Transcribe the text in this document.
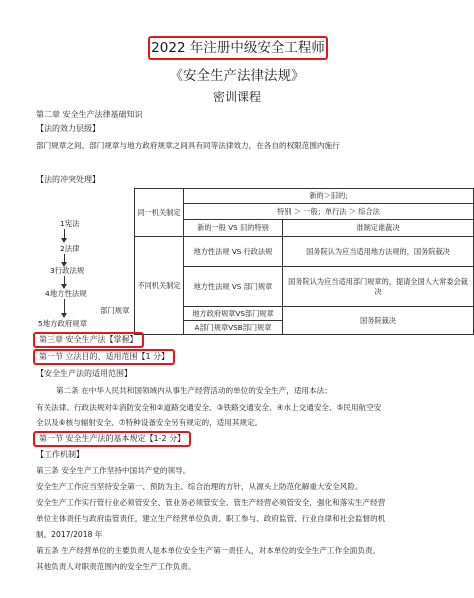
2022 年注册中级安全工程师
《安全生产法律法规》
密训课程
第二章 安全生产法律基础知识
【法的效力层级】
部门规章之间、部门规章与地方政府规章之间具有同等法律效力，在各自的权限范围内施行
【法的冲突处理】
1宪法
2法律
3行政法规
4地方性法规
部门规章
5地方政府规章
同一机关制定	新的＞旧的;	
	特别 ＞ 一般；单行法 ＞ 综合法	
	新的一般 VS 旧的特别	谁制定谁裁决
不同机关制定	地方性法规 VS 行政法规	国务院认为应当适用地方法规的，国务院裁决
	地方性法规 VS 部门规章	国务院认为应当适用部门规章的，提请全国人大常委会裁决
	地方政府规章VS部门规章	国务院裁决
	A部门规章VSB部门规章	
第三章 安全生产法【掌握】
第一节 立法目的、适用范围【1 分】
【安全生产法的适用范围】
第二条 在中华人民共和国领域内从事生产经营活动的单位的安全生产，适用本法；
有关法律、行政法规对①消防安全和②道路交通安全、③铁路交通安全、④水上交通安全、⑤民用航空安
全以及⑥核与辐射安全、⑦特种设备安全另有规定的，适用其规定。
第一节 安全生产法的基本规定【1-2 分】
【工作机制】
第三条 安全生产工作坚持中国共产党的领导。
安全生产工作应当坚持安全第一、预防为主、综合治理的方针，从源头上防范化解重大安全风险。
安全生产工作实行管行业必须管安全、管业务必须管安全、管生产经营必须管安全，强化和落实生产经营
单位主体责任与政府监管责任，建立生产经营单位负责、职工参与、政府监管、行业自律和社会监督的机
制。2017/2018 年
第五条 生产经营单位的主要负责人是本单位安全生产第一责任人，对本单位的安全生产工作全面负责。
其他负责人对职责范围内的安全生产工作负责。
